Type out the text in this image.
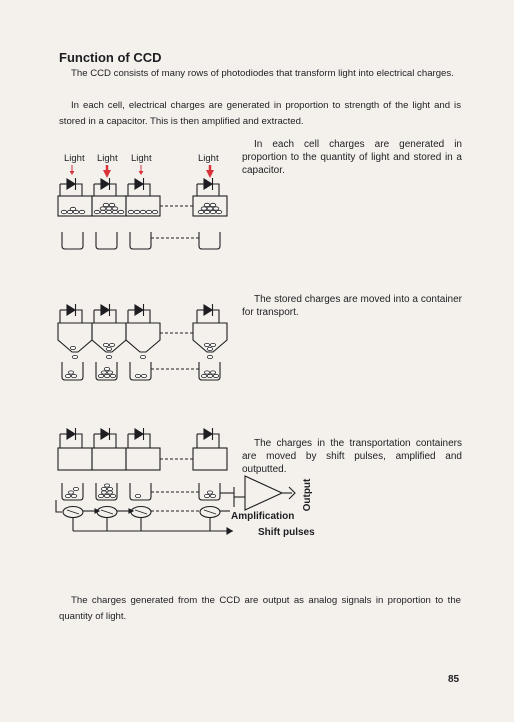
Function of CCD
The CCD consists of many rows of photodiodes that transform light into electrical charges.
In each cell, electrical charges are generated in proportion to strength of the light and is stored in a capacitor. This is then amplified and extracted.
In each cell charges are generated in proportion to the quantity of light and stored in a capacitor.
The stored charges are moved into a container for transport.
The charges in the transportation containers are moved by shift pulses, amplified and outputted.
Light Light Light	Light
Output
Amplification
Shift pulses
The charges generated from the CCD are output as analog signals in proportion to the quantity of light.
85
